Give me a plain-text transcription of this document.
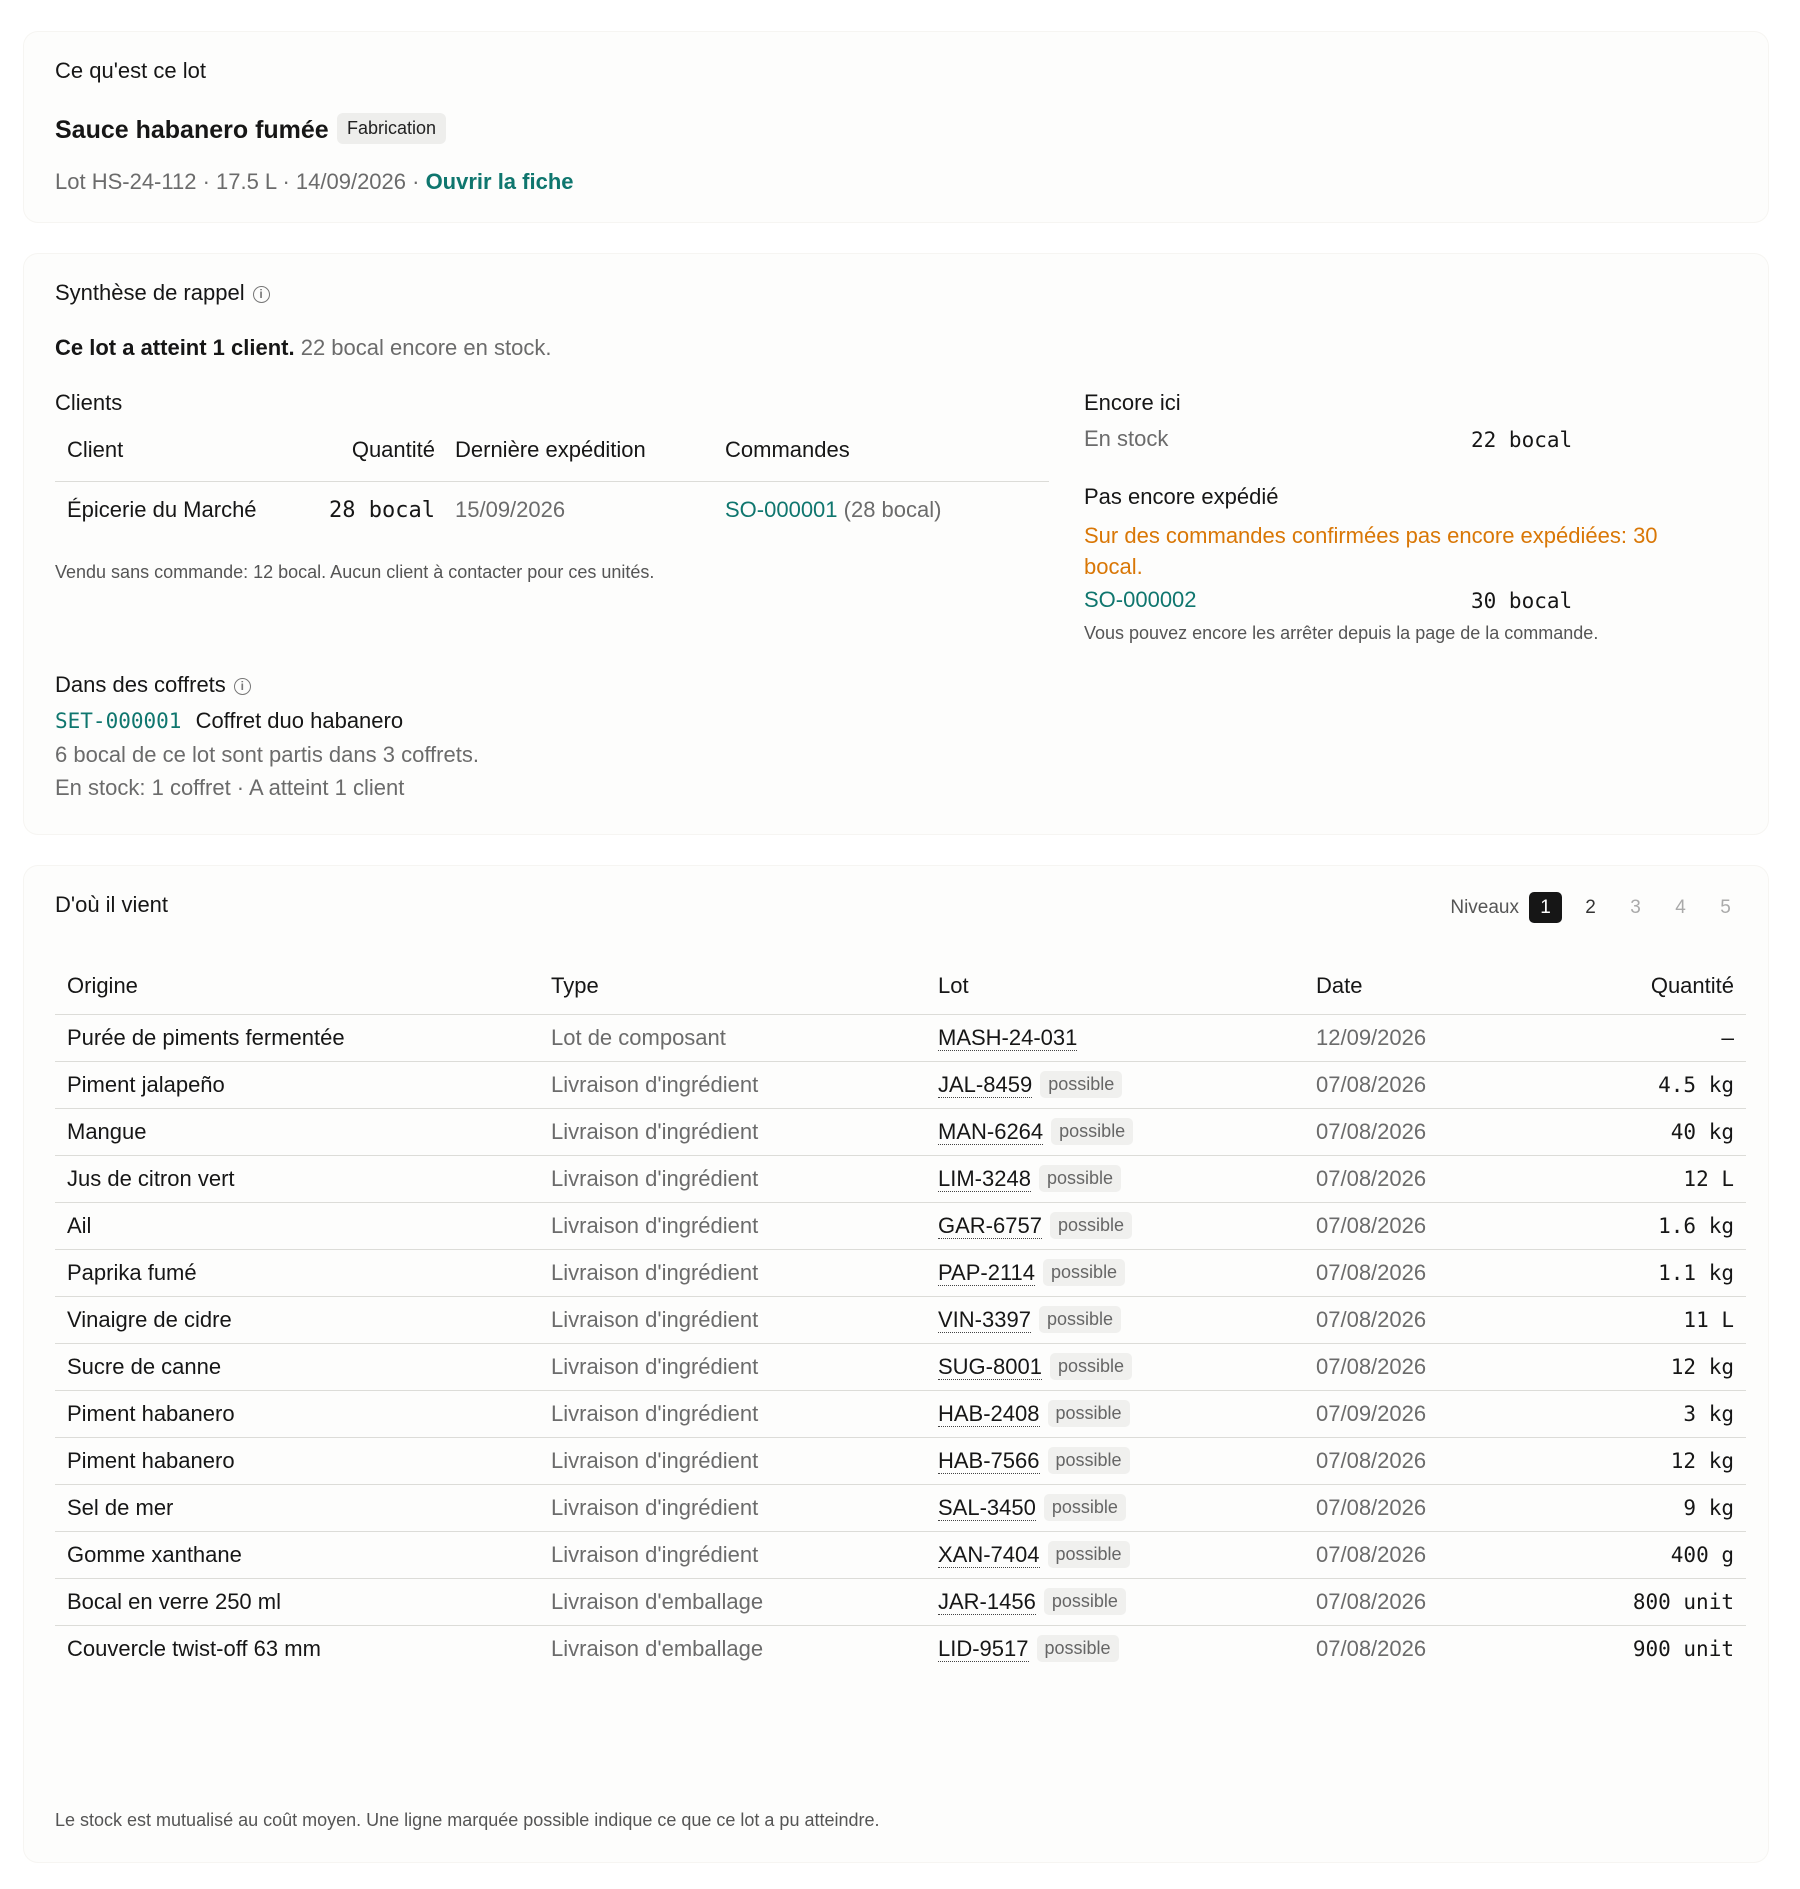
Ce qu'est ce lot
Sauce habanero fumée	Fabrication
Lot HS-24-112 · 17.5 L · 14/09/2026 · Ouvrir la fiche
Synthèse de rappel i
Ce lot a atteint 1 client. 22 bocal encore en stock.
Clients
Client	Quantité	Dernière expédition	Commandes
Épicerie du Marché	28 bocal	15/09/2026	SO-000001 (28 bocal)
Vendu sans commande: 12 bocal. Aucun client à contacter pour ces unités.
Encore ici
En stock	22 bocal
Pas encore expédié
Sur des commandes confirmées pas encore expédiées: 30 bocal.
SO-000002	30 bocal
Vous pouvez encore les arrêter depuis la page de la commande.
Dans des coffrets i
SET-000001 Coffret duo habanero
6 bocal de ce lot sont partis dans 3 coffrets.
En stock: 1 coffret · A atteint 1 client
D'où il vient	Niveaux	1	2	3	4	5
Origine	Type	Lot	Date	Quantité
Purée de piments fermentée	Lot de composant	MASH-24-031	12/09/2026	–
Piment jalapeño	Livraison d'ingrédient	JAL-8459 possible	07/08/2026	4.5 kg
Mangue	Livraison d'ingrédient	MAN-6264 possible	07/08/2026	40 kg
Jus de citron vert	Livraison d'ingrédient	LIM-3248 possible	07/08/2026	12 L
Ail	Livraison d'ingrédient	GAR-6757 possible	07/08/2026	1.6 kg
Paprika fumé	Livraison d'ingrédient	PAP-2114 possible	07/08/2026	1.1 kg
Vinaigre de cidre	Livraison d'ingrédient	VIN-3397 possible	07/08/2026	11 L
Sucre de canne	Livraison d'ingrédient	SUG-8001 possible	07/08/2026	12 kg
Piment habanero	Livraison d'ingrédient	HAB-2408 possible	07/09/2026	3 kg
Piment habanero	Livraison d'ingrédient	HAB-7566 possible	07/08/2026	12 kg
Sel de mer	Livraison d'ingrédient	SAL-3450 possible	07/08/2026	9 kg
Gomme xanthane	Livraison d'ingrédient	XAN-7404 possible	07/08/2026	400 g
Bocal en verre 250 ml	Livraison d'emballage	JAR-1456 possible	07/08/2026	800 unit
Couvercle twist-off 63 mm	Livraison d'emballage	LID-9517 possible	07/08/2026	900 unit
Le stock est mutualisé au coût moyen. Une ligne marquée possible indique ce que ce lot a pu atteindre.
